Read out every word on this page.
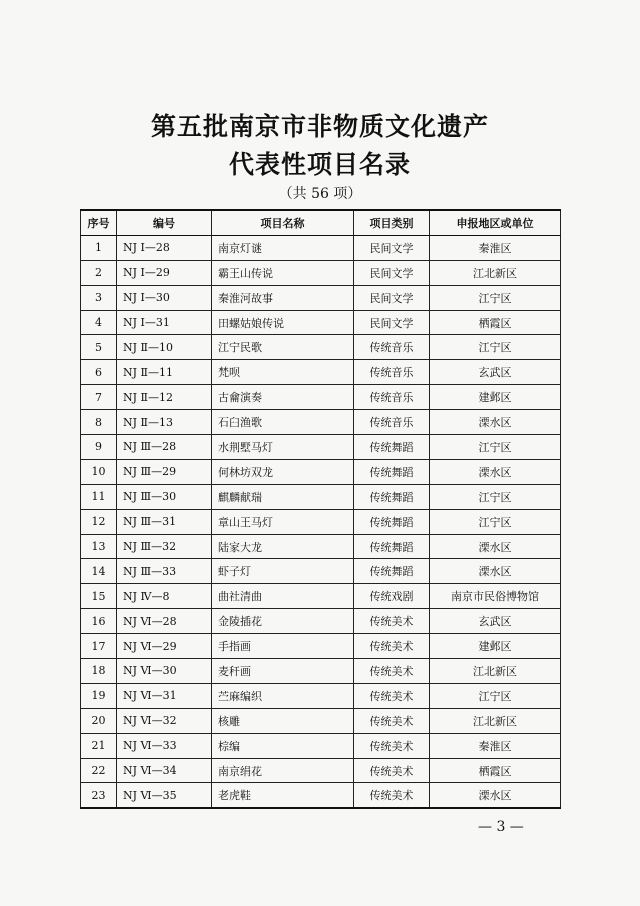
第五批南京市非物质文化遗产
代表性项目名录
（共 56 项）
序号	编号	项目名称	项目类别	申报地区或单位
1	NJ Ⅰ—28	南京灯谜	民间文学	秦淮区
2	NJ Ⅰ—29	霸王山传说	民间文学	江北新区
3	NJ Ⅰ—30	秦淮河故事	民间文学	江宁区
4	NJ Ⅰ—31	田螺姑娘传说	民间文学	栖霞区
5	NJ Ⅱ—10	江宁民歌	传统音乐	江宁区
6	NJ Ⅱ—11	梵呗	传统音乐	玄武区
7	NJ Ⅱ—12	古龠演奏	传统音乐	建邺区
8	NJ Ⅱ—13	石臼渔歌	传统音乐	溧水区
9	NJ Ⅲ—28	水荆墅马灯	传统舞蹈	江宁区
10	NJ Ⅲ—29	何林坊双龙	传统舞蹈	溧水区
11	NJ Ⅲ—30	麒麟献瑞	传统舞蹈	江宁区
12	NJ Ⅲ—31	章山王马灯	传统舞蹈	江宁区
13	NJ Ⅲ—32	陆家大龙	传统舞蹈	溧水区
14	NJ Ⅲ—33	虾子灯	传统舞蹈	溧水区
15	NJ Ⅳ—8	曲社清曲	传统戏剧	南京市民俗博物馆
16	NJ Ⅵ—28	金陵插花	传统美术	玄武区
17	NJ Ⅵ—29	手指画	传统美术	建邺区
18	NJ Ⅵ—30	麦秆画	传统美术	江北新区
19	NJ Ⅵ—31	苎麻编织	传统美术	江宁区
20	NJ Ⅵ—32	核雕	传统美术	江北新区
21	NJ Ⅵ—33	棕编	传统美术	秦淮区
22	NJ Ⅵ—34	南京绢花	传统美术	栖霞区
23	NJ Ⅵ—35	老虎鞋	传统美术	溧水区
— 3 —
